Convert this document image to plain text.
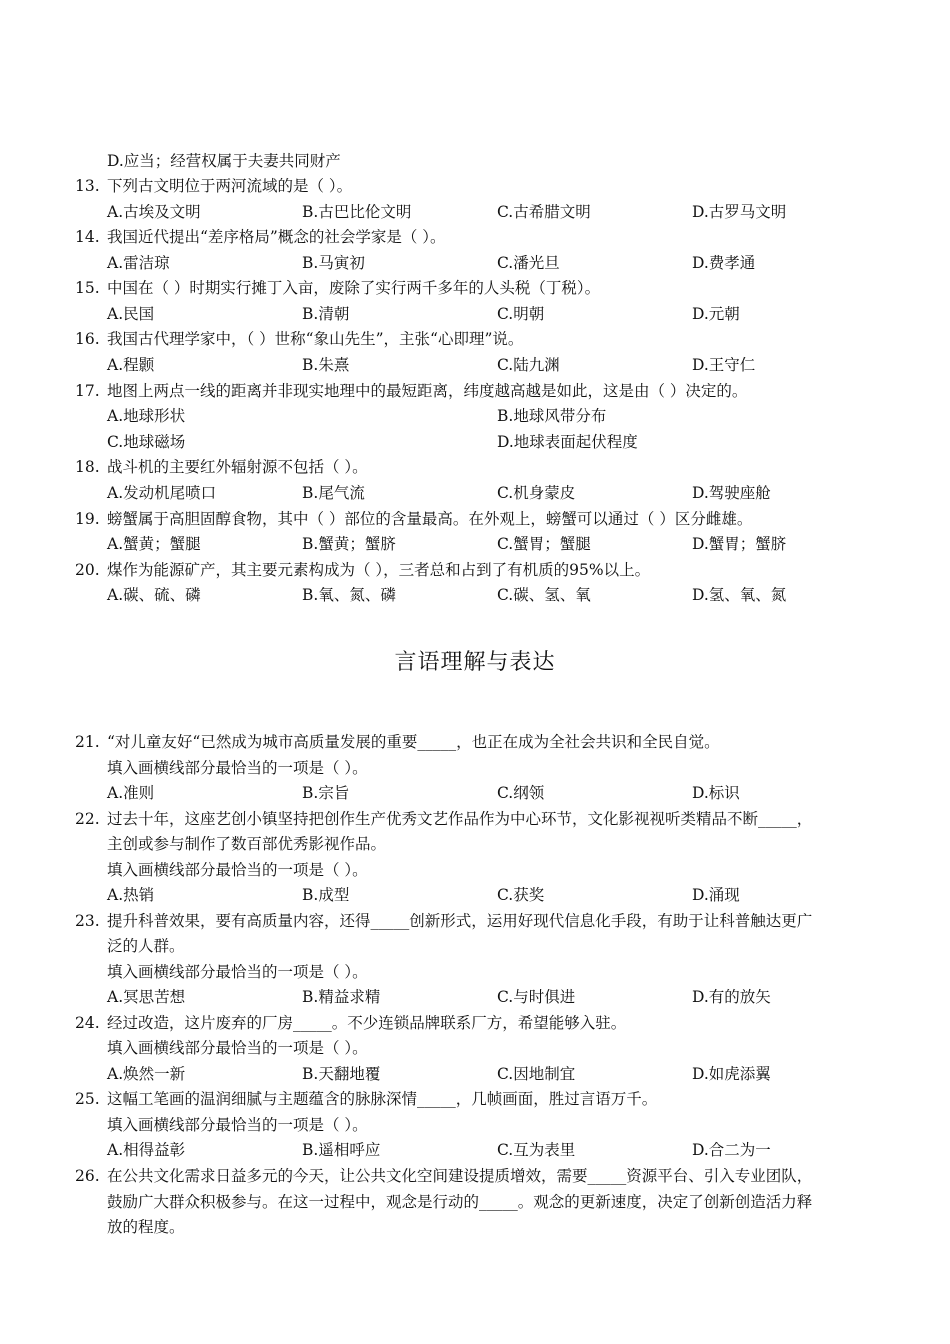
D.应当；经营权属于夫妻共同财产
13. 下列古文明位于两河流域的是（ ）。
A.古埃及文明	B.古巴比伦文明	C.古希腊文明	D.古罗马文明
14. 我国近代提出“差序格局”概念的社会学家是（ ）。
A.雷洁琼	B.马寅初	C.潘光旦	D.费孝通
15. 中国在（ ）时期实行摊丁入亩，废除了实行两千多年的人头税（丁税）。
A.民国	B.清朝	C.明朝	D.元朝
16. 我国古代理学家中，（ ）世称“象山先生”，主张“心即理”说。
A.程颢	B.朱熹	C.陆九渊	D.王守仁
17. 地图上两点一线的距离并非现实地理中的最短距离，纬度越高越是如此，这是由（ ）决定的。
A.地球形状	B.地球风带分布
C.地球磁场	D.地球表面起伏程度
18. 战斗机的主要红外辐射源不包括（ ）。
A.发动机尾喷口	B.尾气流	C.机身蒙皮	D.驾驶座舱
19. 螃蟹属于高胆固醇食物，其中（ ）部位的含量最高。在外观上，螃蟹可以通过（ ）区分雌雄。
A.蟹黄；蟹腿	B.蟹黄；蟹脐	C.蟹胃；蟹腿	D.蟹胃；蟹脐
20. 煤作为能源矿产，其主要元素构成为（ ），三者总和占到了有机质的95%以上。
A.碳、硫、磷	B.氧、氮、磷	C.碳、氢、氧	D.氢、氧、氮
言语理解与表达
21. “对儿童友好“已然成为城市高质量发展的重要_____，也正在成为全社会共识和全民自觉。
填入画横线部分最恰当的一项是（ ）。
A.准则	B.宗旨	C.纲领	D.标识
22. 过去十年，这座艺创小镇坚持把创作生产优秀文艺作品作为中心环节，文化影视视听类精品不断_____，
主创或参与制作了数百部优秀影视作品。
填入画横线部分最恰当的一项是（ ）。
A.热销	B.成型	C.获奖	D.涌现
23. 提升科普效果，要有高质量内容，还得_____创新形式，运用好现代信息化手段，有助于让科普触达更广
泛的人群。
填入画横线部分最恰当的一项是（ ）。
A.冥思苦想	B.精益求精	C.与时俱进	D.有的放矢
24. 经过改造，这片废弃的厂房_____。不少连锁品牌联系厂方，希望能够入驻。
填入画横线部分最恰当的一项是（ ）。
A.焕然一新	B.天翻地覆	C.因地制宜	D.如虎添翼
25. 这幅工笔画的温润细腻与主题蕴含的脉脉深情_____，几帧画面，胜过言语万千。
填入画横线部分最恰当的一项是（ ）。
A.相得益彰	B.遥相呼应	C.互为表里	D.合二为一
26. 在公共文化需求日益多元的今天，让公共文化空间建设提质增效，需要_____资源平台、引入专业团队，
鼓励广大群众积极参与。在这一过程中，观念是行动的_____。观念的更新速度，决定了创新创造活力释
放的程度。
